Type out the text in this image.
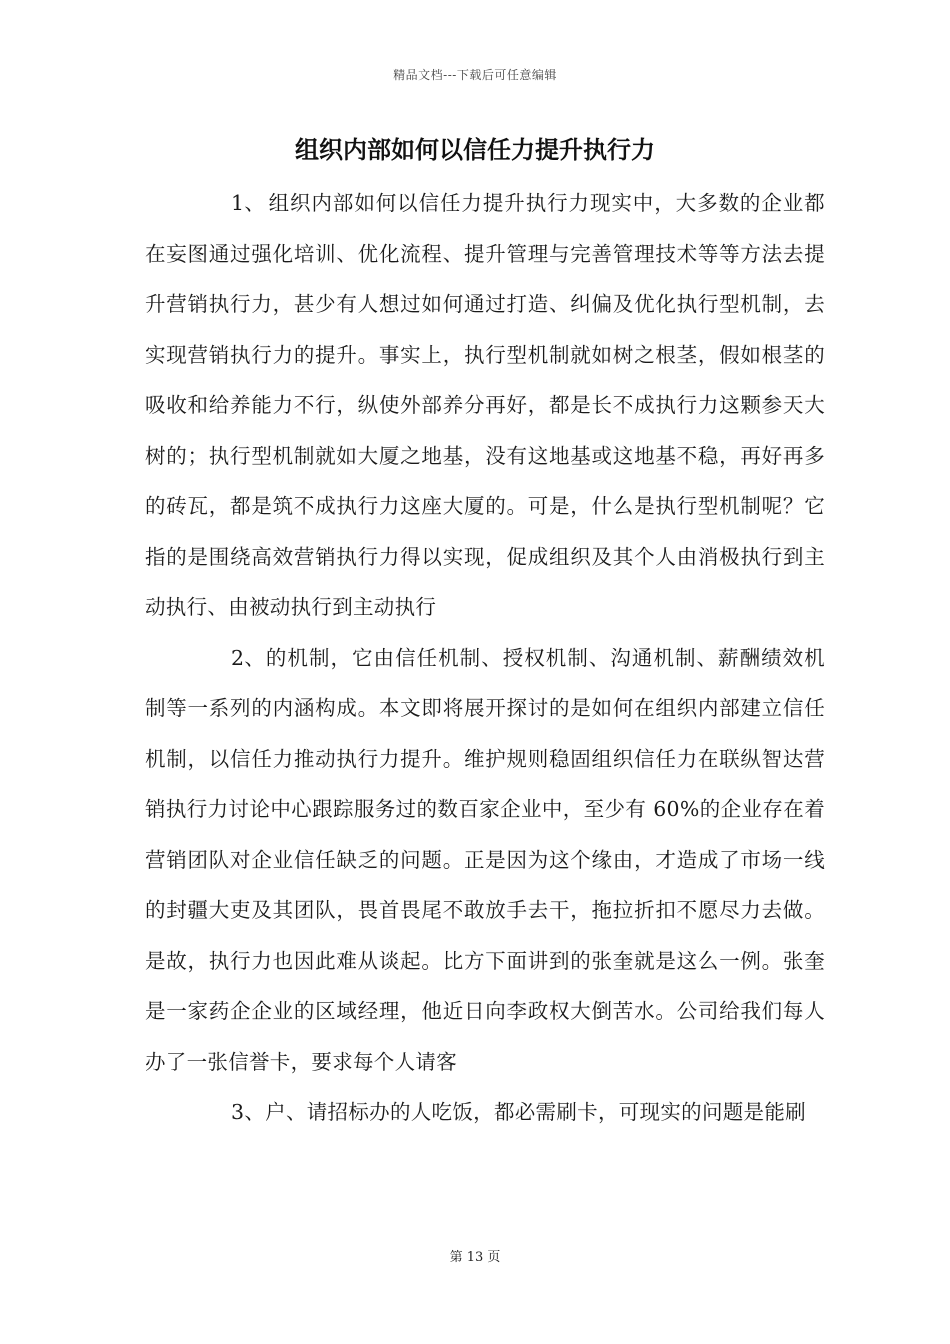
精品文档---下载后可任意编辑
组织内部如何以信任力提升执行力

1、 组织内部如何以信任力提升执行力现实中，大多数的企业都在妄图通过强化培训、优化流程、提升管理与完善管理技术等等方法去提升营销执行力，甚少有人想过如何通过打造、纠偏及优化执行型机制，去实现营销执行力的提升。事实上，执行型机制就如树之根茎，假如根茎的吸收和给养能力不行，纵使外部养分再好，都是长不成执行力这颗参天大树的；执行型机制就如大厦之地基，没有这地基或这地基不稳，再好再多的砖瓦，都是筑不成执行力这座大厦的。可是，什么是执行型机制呢？它指的是围绕高效营销执行力得以实现，促成组织及其个人由消极执行到主动执行、由被动执行到主动执行

2、的机制，它由信任机制、授权机制、沟通机制、薪酬绩效机制等一系列的内涵构成。本文即将展开探讨的是如何在组织内部建立信任机制，以信任力推动执行力提升。维护规则稳固组织信任力在联纵智达营销执行力讨论中心跟踪服务过的数百家企业中，至少有 60%的企业存在着营销团队对企业信任缺乏的问题。正是因为这个缘由，才造成了市场一线的封疆大吏及其团队，畏首畏尾不敢放手去干，拖拉折扣不愿尽力去做。是故，执行力也因此难从谈起。比方下面讲到的张奎就是这么一例。张奎是一家药企企业的区域经理，他近日向李政权大倒苦水。公司给我们每人办了一张信誉卡，要求每个人请客

3、户、请招标办的人吃饭，都必需刷卡，可现实的问题是能刷

第 13 页
